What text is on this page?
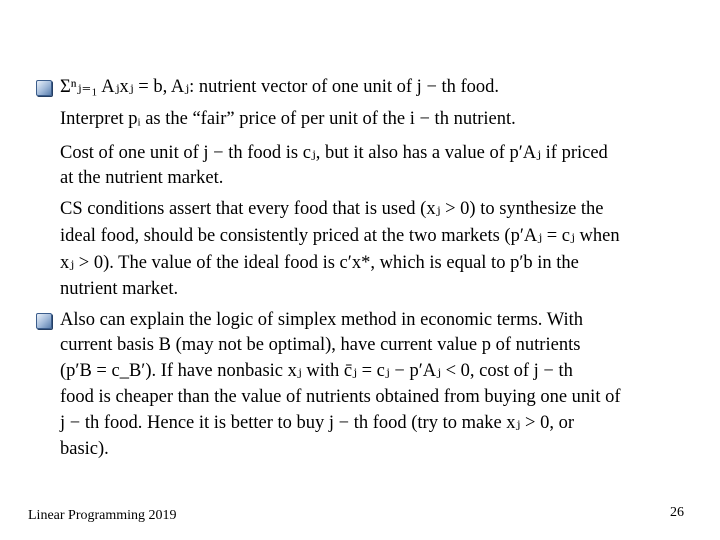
Σⁿⱼ₌₁ Aⱼxⱼ = b, Aⱼ: nutrient vector of one unit of j − th food.
Interpret pᵢ as the “fair” price of per unit of the i − th nutrient.
Cost of one unit of j − th food is cⱼ, but it also has a value of p′Aⱼ if priced
at the nutrient market.
CS conditions assert that every food that is used (xⱼ > 0) to synthesize the
ideal food, should be consistently priced at the two markets (p′Aⱼ = cⱼ when
xⱼ > 0). The value of the ideal food is c′x*, which is equal to p′b in the
nutrient market.
Also can explain the logic of simplex method in economic terms. With
current basis B (may not be optimal), have current value p of nutrients
(p′B = c_B′). If have nonbasic xⱼ with c̄ⱼ = cⱼ − p′Aⱼ < 0, cost of j − th
food is cheaper than the value of nutrients obtained from buying one unit of
j − th food. Hence it is better to buy j − th food (try to make xⱼ > 0, or
basic).
Linear Programming 2019	26
